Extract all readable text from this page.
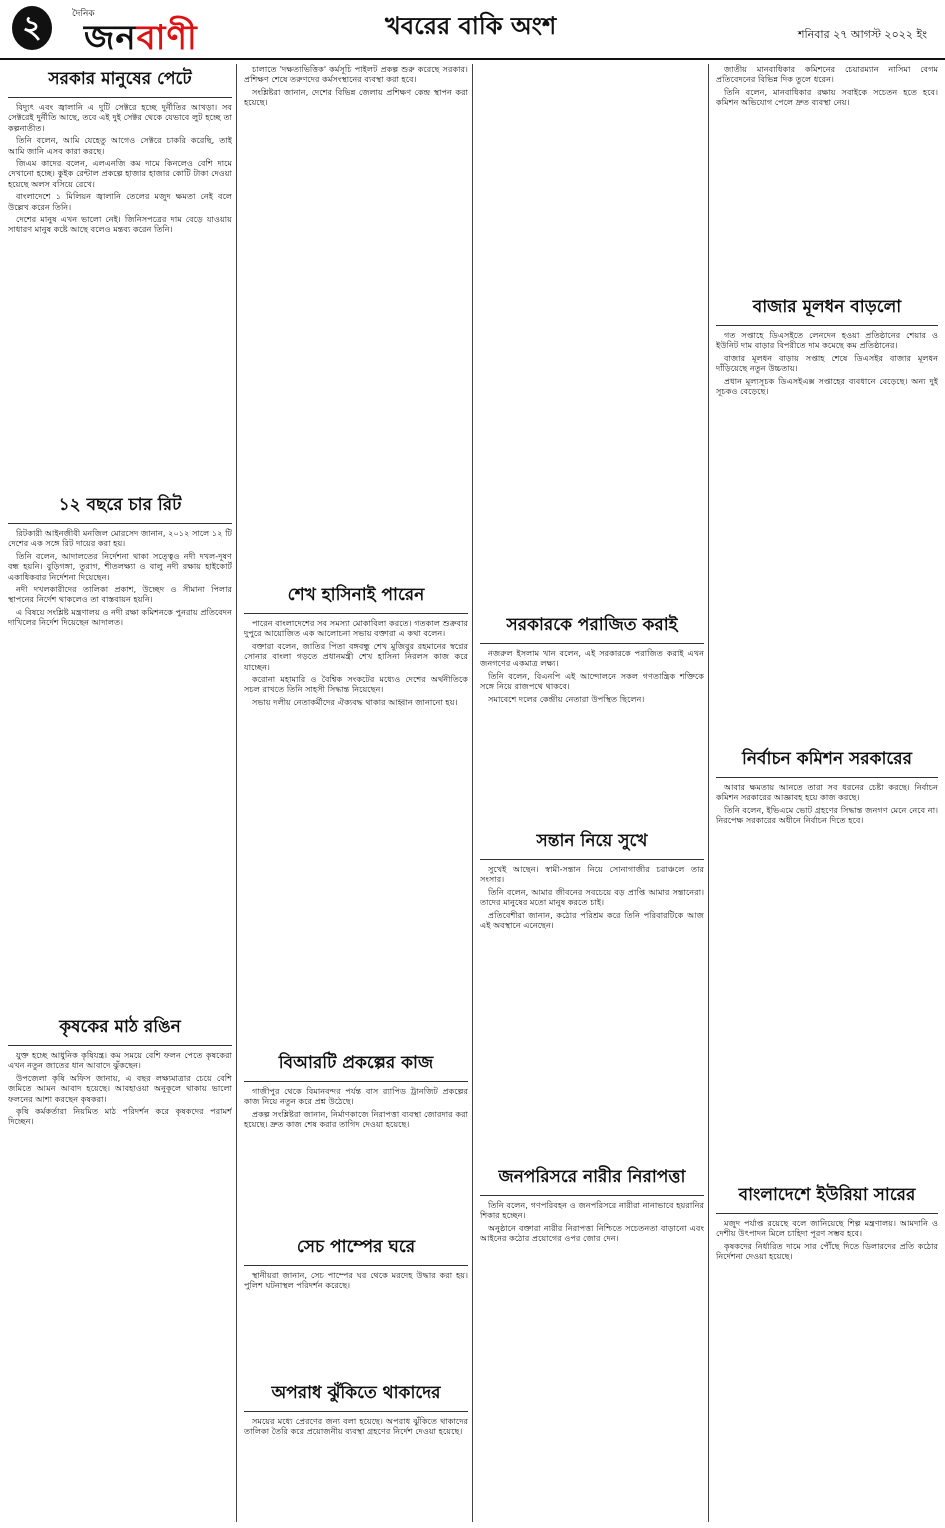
২	দৈনিক
জনবাণী	খবরের বাকি অংশ	শনিবার ২৭ আগস্ট ২০২২ ইং
সরকার মানুষের পেটে

বিদ্যুৎ এবং জ্বালানি এ দুটি সেক্টরে হচ্ছে দুর্নীতির আখড়া। সব সেক্টরেই দুর্নীতি আছে, তবে এই দুই সেক্টর থেকে যেভাবে লুট হচ্ছে তা কল্পনাতীত।

তিনি বলেন, আমি যেহেতু আগেও সেক্টরে চাকরি করেছি, তাই আমি জানি এসব কারা করছে।

জিএম কাদের বলেন, এলএনজি কম দামে কিনলেও বেশি দামে দেখানো হচ্ছে। কুইক রেন্টাল প্রকল্পে হাজার হাজার কোটি টাকা দেওয়া হয়েছে অলস বসিয়ে রেখে।

বাংলাদেশে ১ মিলিয়ন জ্বালানি তেলের মজুদ ক্ষমতা নেই বলে উল্লেখ করেন তিনি।

দেশের মানুষ এখন ভালো নেই। জিনিসপত্রের দাম বেড়ে যাওয়ায় সাধারণ মানুষ কষ্টে আছে বলেও মন্তব্য করেন তিনি।

১২ বছরে চার রিট

রিটকারী আইনজীবী মনজিল মোরসেদ জানান, ২০১২ সালে ১২ টি দেশের এক সঙ্গে রিট দায়ের করা হয়।

তিনি বলেন, আদালতের নির্দেশনা থাকা সত্ত্বেও নদী দখল-দূষণ বন্ধ হয়নি। বুড়িগঙ্গা, তুরাগ, শীতলক্ষ্যা ও বালু নদী রক্ষায় হাইকোর্ট একাধিকবার নির্দেশনা দিয়েছেন।

নদী দখলকারীদের তালিকা প্রকাশ, উচ্ছেদ ও সীমানা পিলার স্থাপনের নির্দেশ থাকলেও তা বাস্তবায়ন হয়নি।

এ বিষয়ে সংশ্লিষ্ট মন্ত্রণালয় ও নদী রক্ষা কমিশনকে পুনরায় প্রতিবেদন দাখিলের নির্দেশ দিয়েছেন আদালত।

কৃষকের মাঠ রঙিন

যুক্ত হচ্ছে আধুনিক কৃষিযন্ত্র। কম সময়ে বেশি ফলন পেতে কৃষকেরা এখন নতুন জাতের ধান আবাদে ঝুঁকছেন।

উপজেলা কৃষি অফিস জানায়, এ বছর লক্ষ্যমাত্রার চেয়ে বেশি জমিতে আমন আবাদ হয়েছে। আবহাওয়া অনুকূলে থাকায় ভালো ফলনের আশা করছেন কৃষকরা।

কৃষি কর্মকর্তারা নিয়মিত মাঠ পরিদর্শন করে কৃষকদের পরামর্শ দিচ্ছেন।

চালাতে 'দক্ষতাভিত্তিক' কর্মসূচি পাইলট প্রকল্প শুরু করেছে সরকার। প্রশিক্ষণ শেষে তরুণদের কর্মসংস্থানের ব্যবস্থা করা হবে।

সংশ্লিষ্টরা জানান, দেশের বিভিন্ন জেলায় প্রশিক্ষণ কেন্দ্র স্থাপন করা হয়েছে।

শেখ হাসিনাই পারেন

পারেন বাংলাদেশের সব সমস্যা মোকাবিলা করতে। গতকাল শুক্রবার দুপুরে আয়োজিত এক আলোচনা সভায় বক্তারা এ কথা বলেন।

বক্তারা বলেন, জাতির পিতা বঙ্গবন্ধু শেখ মুজিবুর রহমানের স্বপ্নের সোনার বাংলা গড়তে প্রধানমন্ত্রী শেখ হাসিনা নিরলস কাজ করে যাচ্ছেন।

করোনা মহামারি ও বৈশ্বিক সংকটের মধ্যেও দেশের অর্থনীতিকে সচল রাখতে তিনি সাহসী সিদ্ধান্ত নিয়েছেন।

সভায় দলীয় নেতাকর্মীদের ঐক্যবদ্ধ থাকার আহ্বান জানানো হয়।

বিআরটি প্রকল্পের কাজ

গাজীপুর থেকে বিমানবন্দর পর্যন্ত বাস র‍্যাপিড ট্রানজিট প্রকল্পের কাজ নিয়ে নতুন করে প্রশ্ন উঠেছে।

প্রকল্প সংশ্লিষ্টরা জানান, নির্মাণকাজে নিরাপত্তা ব্যবস্থা জোরদার করা হয়েছে। দ্রুত কাজ শেষ করার তাগিদ দেওয়া হয়েছে।

সেচ পাম্পের ঘরে

স্থানীয়রা জানান, সেচ পাম্পের ঘর থেকে মরদেহ উদ্ধার করা হয়। পুলিশ ঘটনাস্থল পরিদর্শন করেছে।

অপরাধ ঝুঁকিতে থাকাদের

সময়ের মধ্যে প্রেরণের জন্য বলা হয়েছে। অপরাধ ঝুঁকিতে থাকাদের তালিকা তৈরি করে প্রয়োজনীয় ব্যবস্থা গ্রহণের নির্দেশ দেওয়া হয়েছে।

সরকারকে পরাজিত করাই

নজরুল ইসলাম খান বলেন, এই সরকারকে পরাজিত করাই এখন জনগণের একমাত্র লক্ষ্য।

তিনি বলেন, বিএনপি এই আন্দোলনে সকল গণতান্ত্রিক শক্তিকে সঙ্গে নিয়ে রাজপথে থাকবে।

সমাবেশে দলের কেন্দ্রীয় নেতারা উপস্থিত ছিলেন।

সন্তান নিয়ে সুখে

সুখেই আছেন। স্বামী-সন্তান নিয়ে সোনাগাজীর চরাঞ্চলে তার সংসার।

তিনি বলেন, আমার জীবনের সবচেয়ে বড় প্রাপ্তি আমার সন্তানেরা। তাদের মানুষের মতো মানুষ করতে চাই।

প্রতিবেশীরা জানান, কঠোর পরিশ্রম করে তিনি পরিবারটিকে আজ এই অবস্থানে এনেছেন।

জনপরিসরে নারীর নিরাপত্তা

তিনি বলেন, গণপরিবহন ও জনপরিসরে নারীরা নানাভাবে হয়রানির শিকার হচ্ছেন।

অনুষ্ঠানে বক্তারা নারীর নিরাপত্তা নিশ্চিতে সচেতনতা বাড়ানো এবং আইনের কঠোর প্রয়োগের ওপর জোর দেন।

জাতীয় মানবাধিকার কমিশনের চেয়ারম্যান নাসিমা বেগম প্রতিবেদনের বিভিন্ন দিক তুলে ধরেন।

তিনি বলেন, মানবাধিকার রক্ষায় সবাইকে সচেতন হতে হবে। কমিশন অভিযোগ পেলে দ্রুত ব্যবস্থা নেয়।

বাজার মূলধন বাড়লো

গত সপ্তাহে ডিএসইতে লেনদেন হওয়া প্রতিষ্ঠানের শেয়ার ও ইউনিট দাম বাড়ার বিপরীতে দাম কমেছে কম প্রতিষ্ঠানের।

বাজার মূলধন বাড়ায় সপ্তাহ শেষে ডিএসইর বাজার মূলধন দাঁড়িয়েছে নতুন উচ্চতায়।

প্রধান মূল্যসূচক ডিএসইএক্স সপ্তাহের ব্যবধানে বেড়েছে। অন্য দুই সূচকও বেড়েছে।

নির্বাচন কমিশন সরকারের

আবার ক্ষমতায় আনতে তারা সব ধরনের চেষ্টা করছে। নির্বাচন কমিশন সরকারের আজ্ঞাবহ হয়ে কাজ করছে।

তিনি বলেন, ইভিএমে ভোট গ্রহণের সিদ্ধান্ত জনগণ মেনে নেবে না। নিরপেক্ষ সরকারের অধীনে নির্বাচন দিতে হবে।

বাংলাদেশে ইউরিয়া সারের

মজুদ পর্যাপ্ত রয়েছে বলে জানিয়েছে শিল্প মন্ত্রণালয়। আমদানি ও দেশীয় উৎপাদন মিলে চাহিদা পূরণ সম্ভব হবে।

কৃষকদের নির্ধারিত দামে সার পৌঁছে দিতে ডিলারদের প্রতি কঠোর নির্দেশনা দেওয়া হয়েছে।
